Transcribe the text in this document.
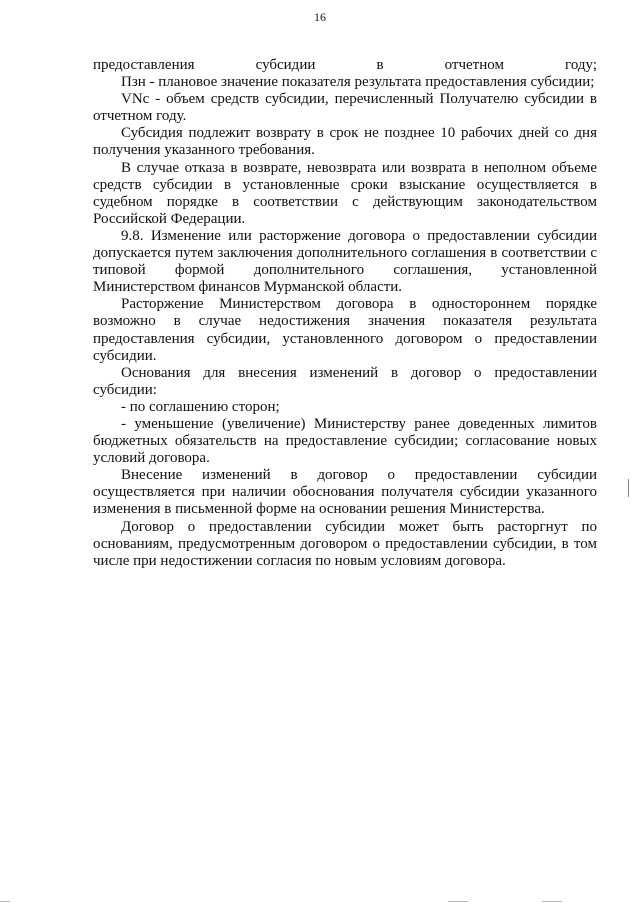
16

предоставления субсидии в отчетном году;

Пзн - плановое значение показателя результата предоставления субсидии;

VNс - объем средств субсидии, перечисленный Получателю субсидии в отчетном году.

Субсидия подлежит возврату в срок не позднее 10 рабочих дней со дня получения указанного требования.

В случае отказа в возврате, невозврата или возврата в неполном объеме средств субсидии в установленные сроки взыскание осуществляется в судебном порядке в соответствии с действующим законодательством Российской Федерации.

9.8. Изменение или расторжение договора о предоставлении субсидии допускается путем заключения дополнительного соглашения в соответствии с типовой формой дополнительного соглашения, установленной Министерством финансов Мурманской области.

Расторжение Министерством договора в одностороннем порядке возможно в случае недостижения значения показателя результата предоставления субсидии, установленного договором о предоставлении субсидии.

Основания для внесения изменений в договор о предоставлении субсидии:

- по соглашению сторон;

- уменьшение (увеличение) Министерству ранее доведенных лимитов бюджетных обязательств на предоставление субсидии; согласование новых условий договора.

Внесение изменений в договор о предоставлении субсидии осуществляется при наличии обоснования получателя субсидии указанного изменения в письменной форме на основании решения Министерства.

Договор о предоставлении субсидии может быть расторгнут по основаниям, предусмотренным договором о предоставлении субсидии, в том числе при недостижении согласия по новым условиям договора.
